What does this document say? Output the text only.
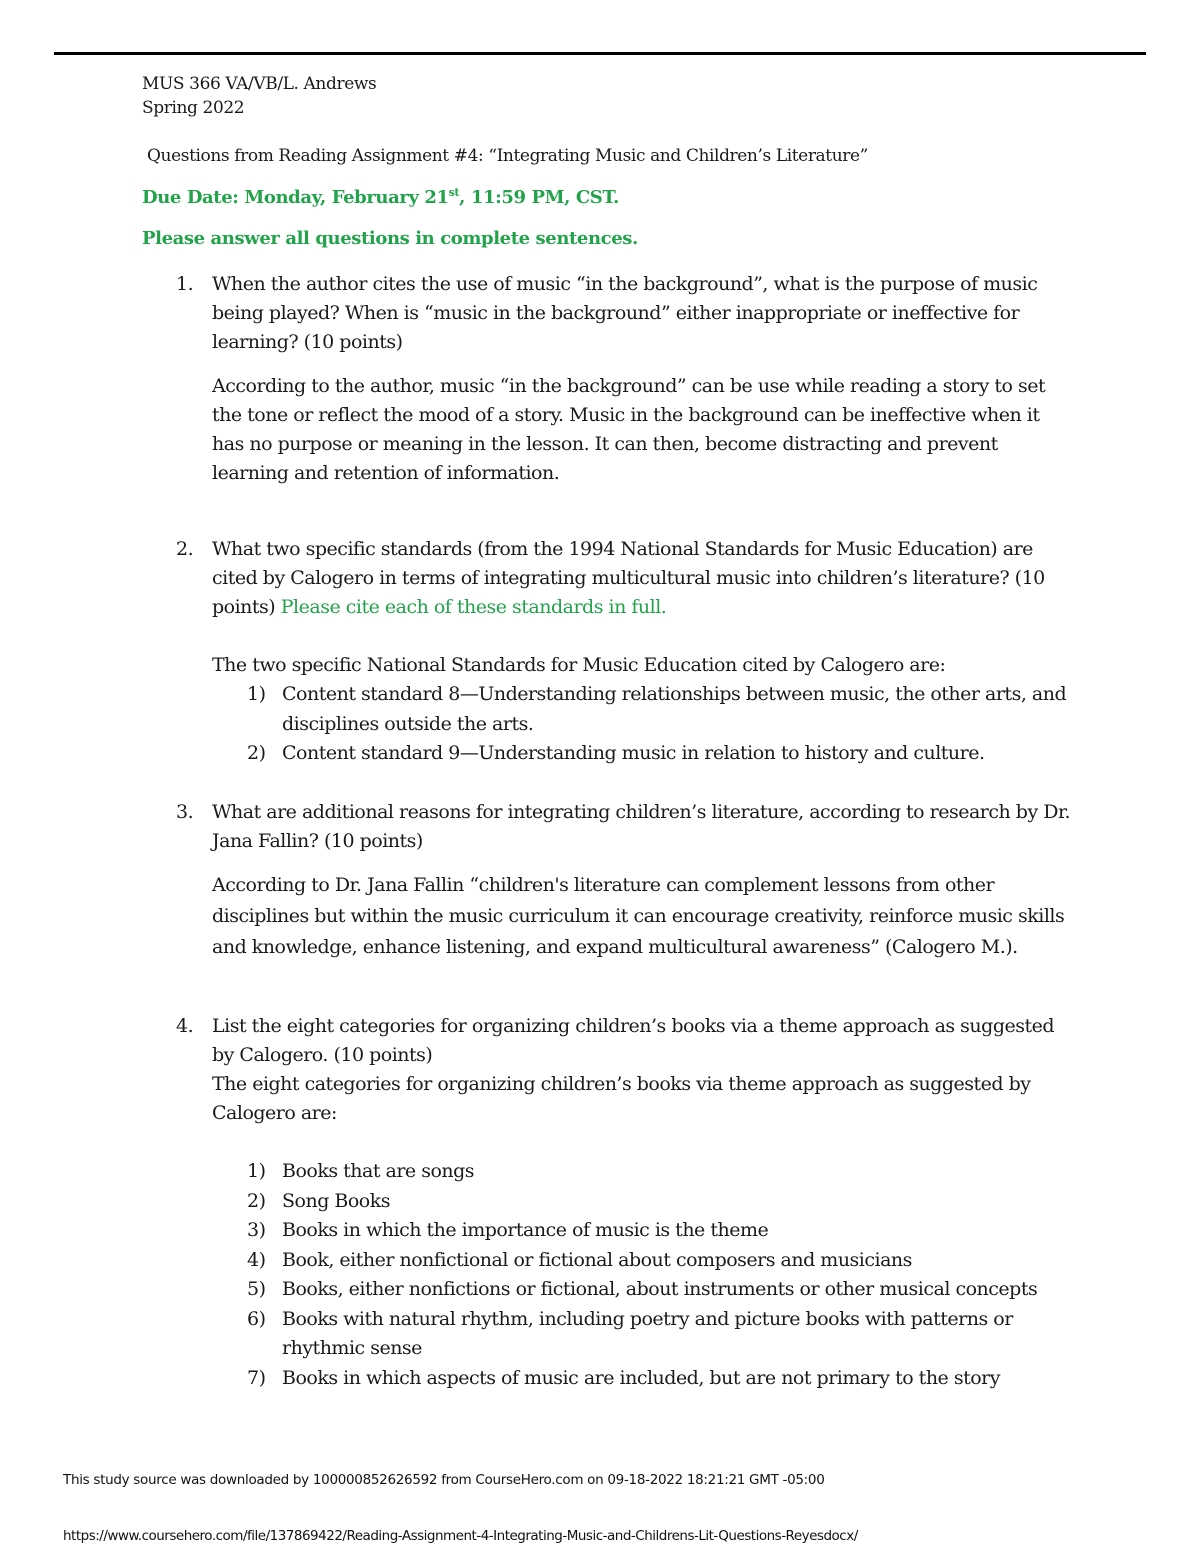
MUS 366 VA/VB/L. Andrews

Spring 2022

Questions from Reading Assignment #4: “Integrating Music and Children’s Literature”

Due Date: Monday, February 21st, 11:59 PM, CST.

Please answer all questions in complete sentences.

1. When the author cites the use of music “in the background”, what is the purpose of music being played? When is “music in the background” either inappropriate or ineffective for learning? (10 points)

According to the author, music “in the background” can be use while reading a story to set the tone or reflect the mood of a story. Music in the background can be ineffective when it has no purpose or meaning in the lesson. It can then, become distracting and prevent learning and retention of information.

2. What two specific standards (from the 1994 National Standards for Music Education) are cited by Calogero in terms of integrating multicultural music into children’s literature? (10 points) Please cite each of these standards in full.

The two specific National Standards for Music Education cited by Calogero are:

1) Content standard 8—Understanding relationships between music, the other arts, and disciplines outside the arts.
2) Content standard 9—Understanding music in relation to history and culture.
3. What are additional reasons for integrating children’s literature, according to research by Dr. Jana Fallin? (10 points)

According to Dr. Jana Fallin “children's literature can complement lessons from other disciplines but within the music curriculum it can encourage creativity, reinforce music skills and knowledge, enhance listening, and expand multicultural awareness” (Calogero M.).

4. List the eight categories for organizing children’s books via a theme approach as suggested by Calogero. (10 points)

The eight categories for organizing children’s books via theme approach as suggested by Calogero are:

1) Books that are songs
2) Song Books
3) Books in which the importance of music is the theme
4) Book, either nonfictional or fictional about composers and musicians
5) Books, either nonfictions or fictional, about instruments or other musical concepts
6) Books with natural rhythm, including poetry and picture books with patterns or rhythmic sense
7) Books in which aspects of music are included, but are not primary to the story

This study source was downloaded by 100000852626592 from CourseHero.com on 09-18-2022 18:21:21 GMT -05:00

https://www.coursehero.com/file/137869422/Reading-Assignment-4-Integrating-Music-and-Childrens-Lit-Questions-Reyesdocx/
